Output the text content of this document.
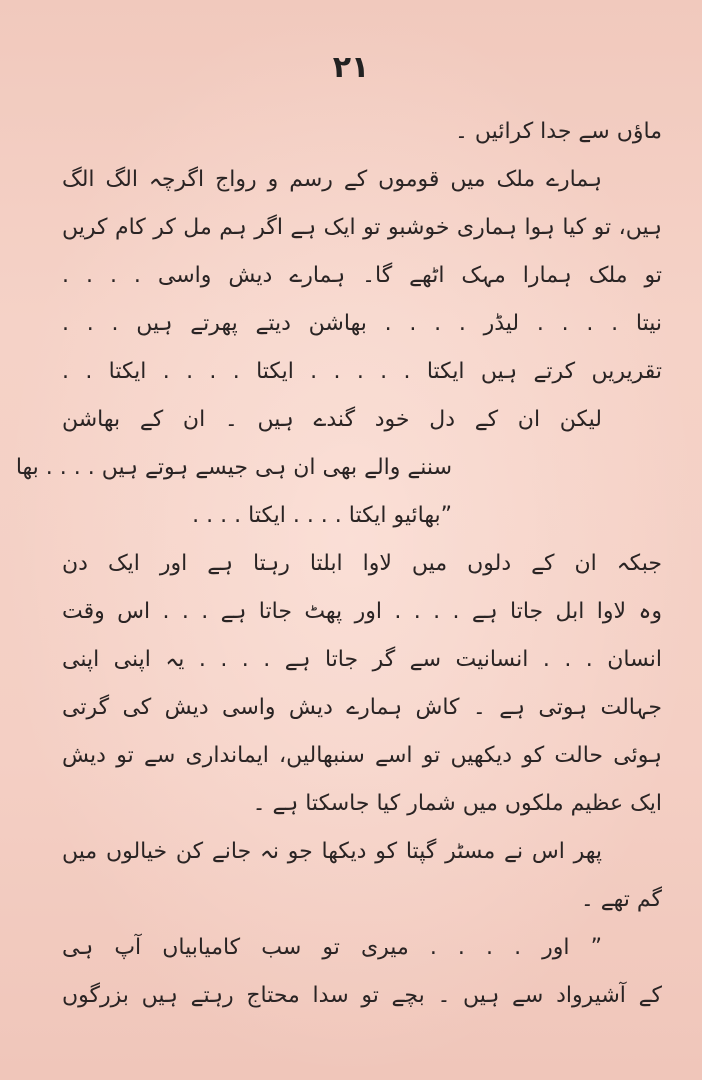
۲۱
ماؤں سے جدا کرائیں ۔
ہمارے ملک میں قوموں کے رسم و رواج اگرچہ الگ الگ
ہیں، تو کیا ہوا ہماری خوشبو تو ایک ہے اگر ہم مل کر کام کریں
تو ملک ہمارا مہک اٹھے گا۔ ہمارے دیش واسی . . . .
نیتا . . . . لیڈر . . . . بھاشن دیتے پھرتے ہیں . . .
تقریریں کرتے ہیں ایکتا . . . . . ایکتا . . . . ایکتا . .
لیکن ان کے دل خود گندے ہیں ۔ ان کے بھاشن
سننے والے بھی ان ہی جیسے ہوتے ہیں . . . . بھا
”بھائیو ایکتا . . . . ایکتا . . . .
جبکہ ان کے دلوں میں لاوا ابلتا رہتا ہے اور ایک دن
وہ لاوا ابل جاتا ہے . . . . اور پھٹ جاتا ہے . . . اس وقت
انسان . . . انسانیت سے گر جاتا ہے . . . . یہ اپنی اپنی
جہالت ہوتی ہے ۔ کاش ہمارے دیش واسی دیش کی گرتی
ہوئی حالت کو دیکھیں تو اسے سنبھالیں، ایمانداری سے تو دیش
ایک عظیم ملکوں میں شمار کیا جاسکتا ہے ۔
پھر اس نے مسٹر گپتا کو دیکھا جو نہ جانے کن خیالوں میں
گم تھے ۔
” اور . . . . میری تو سب کامیابیاں آپ ہی
کے آشیرواد سے ہیں ۔ بچے تو سدا محتاج رہتے ہیں بزرگوں
